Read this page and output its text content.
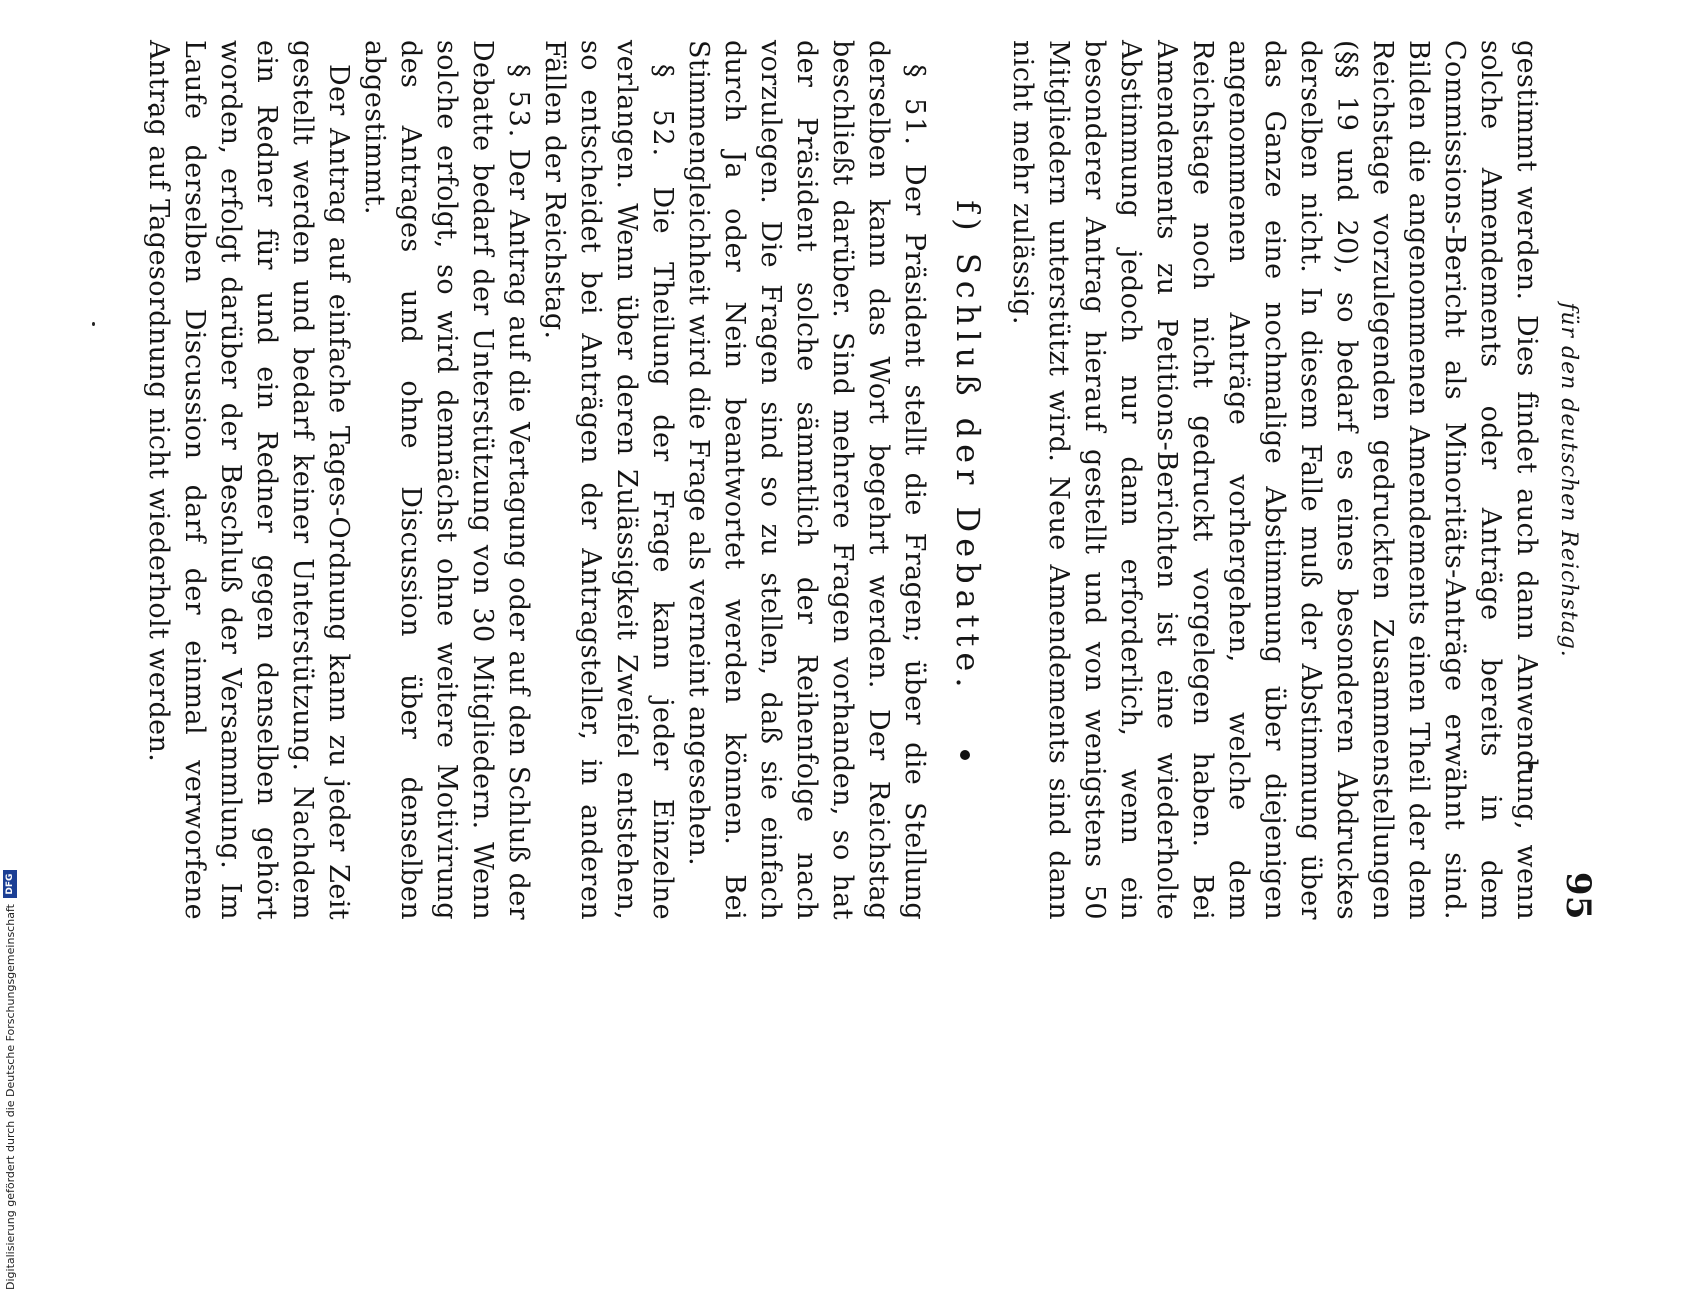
Digitalisierung gefördert durch die Deutsche Forschungsgemeinschaft
DFG
für den deutschen Reichstag.
95

gestimmt werden. Dies findet auch dann Anwendung, wenn solche Amendements oder Anträge bereits in dem Commissions-Bericht als Minoritäts-Anträge erwähnt sind. Bilden die angenommenen Amendements einen Theil der dem Reichstage vorzulegenden gedruckten Zusammenstellungen (§§ 19 und 20), so bedarf es eines besonderen Abdruckes derselben nicht. In diesem Falle muß der Abstimmung über das Ganze eine nochmalige Abstimmung über diejenigen angenommenen Anträge vorhergehen, welche dem Reichstage noch nicht gedruckt vorgelegen haben. Bei Amendements zu Petitions-Berichten ist eine wiederholte Abstimmung jedoch nur dann erforderlich, wenn ein besonderer Antrag hierauf gestellt und von wenigstens 50 Mitgliedern unterstützt wird. Neue Amendements sind dann nicht mehr zulässig.

f) Schluß der Debatte.

§ 51. Der Präsident stellt die Fragen; über die Stellung derselben kann das Wort begehrt werden. Der Reichstag beschließt darüber. Sind mehrere Fragen vorhanden, so hat der Präsident solche sämmtlich der Reihenfolge nach vorzulegen. Die Fragen sind so zu stellen, daß sie einfach durch Ja oder Nein beantwortet werden können. Bei Stimmengleichheit wird die Frage als verneint angesehen.

§ 52. Die Theilung der Frage kann jeder Einzelne verlangen. Wenn über deren Zulässigkeit Zweifel entstehen, so entscheidet bei Anträgen der Antragsteller, in anderen Fällen der Reichstag.

§ 53. Der Antrag auf die Vertagung oder auf den Schluß der Debatte bedarf der Unterstützung von 30 Mitgliedern. Wenn solche erfolgt, so wird demnächst ohne weitere Motivirung des Antrages und ohne Discussion über denselben abgestimmt.

Der Antrag auf einfache Tages-Ordnung kann zu jeder Zeit gestellt werden und bedarf keiner Unterstützung. Nachdem ein Redner für und ein Redner gegen denselben gehört worden, erfolgt darüber der Beschluß der Versammlung. Im Laufe derselben Discussion darf der einmal verworfene Antrag auf Tagesordnung nicht wiederholt werden.
